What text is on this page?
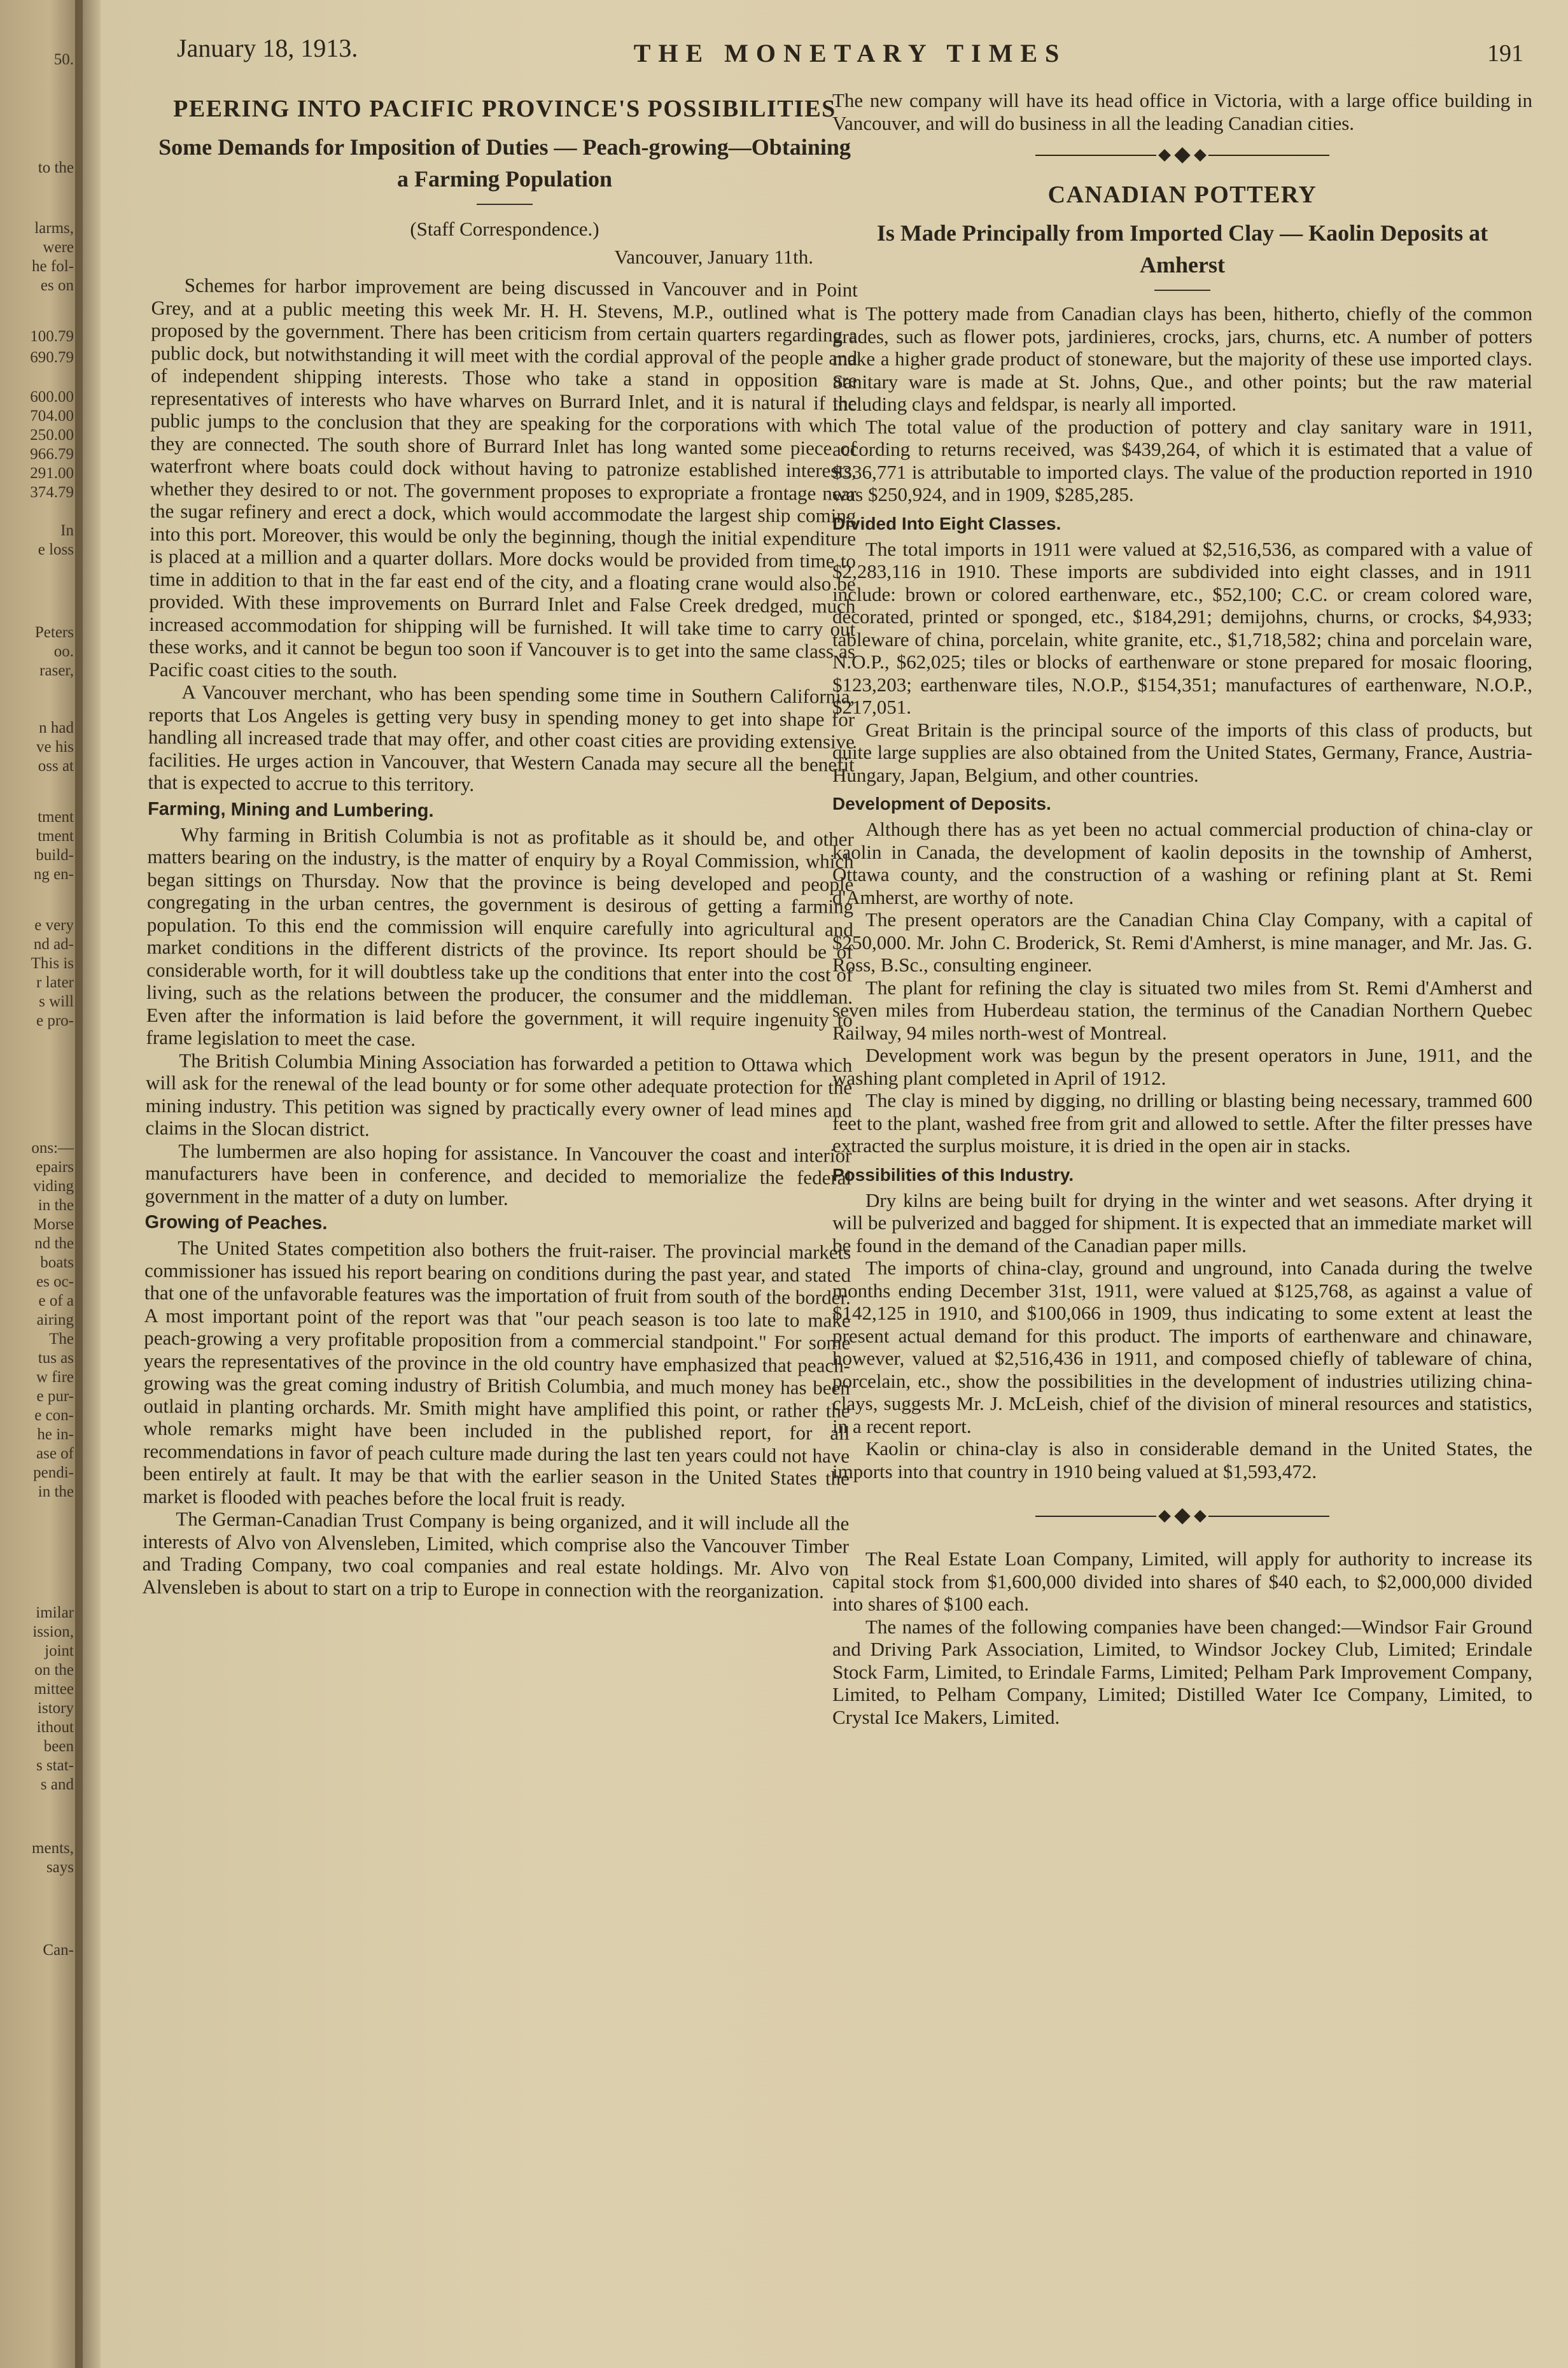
50.
to the
larms,
were
he fol-
es on
100.79
690.79
600.00
704.00
250.00
966.79
291.00
374.79
In
e loss
Peters
oo.
raser,
n had
ve his
oss at
tment
tment
build-
ng en-
e very
nd ad-
This is
r later
s will
e pro-
ons:—
epairs
viding
in the
Morse
nd the
boats
es oc-
e of a
airing
The
tus as
w fire
e pur-
e con-
he in-
ase of
pendi-
in the
imilar
ission,
joint
on the
mittee
istory
ithout
been
s stat-
s and
ments,
says
Can-
January 18, 1913.	THE MONETARY TIMES	191
PEERING INTO PACIFIC PROVINCE'S POSSIBILITIES
Some Demands for Imposition of Duties — Peach-growing—Obtaining a Farming Population
(Staff Correspondence.)
Vancouver, January 11th.

Schemes for harbor improvement are being discussed in Vancouver and in Point Grey, and at a public meeting this week Mr. H. H. Stevens, M.P., outlined what is proposed by the government. There has been criticism from certain quarters regarding a public dock, but notwithstanding it will meet with the cordial approval of the people and of independent shipping interests. Those who take a stand in opposition are representatives of interests who have wharves on Burrard Inlet, and it is natural if the public jumps to the conclusion that they are speaking for the corporations with which they are connected. The south shore of Burrard Inlet has long wanted some piece of waterfront where boats could dock without having to patronize established interests, whether they desired to or not. The government proposes to expropriate a frontage near the sugar refinery and erect a dock, which would accommodate the largest ship coming into this port. Moreover, this would be only the beginning, though the initial expenditure is placed at a million and a quarter dollars. More docks would be provided from time to time in addition to that in the far east end of the city, and a floating crane would also be provided. With these improvements on Burrard Inlet and False Creek dredged, much increased accommodation for shipping will be furnished. It will take time to carry out these works, and it cannot be begun too soon if Vancouver is to get into the same class as Pacific coast cities to the south.

A Vancouver merchant, who has been spending some time in Southern California, reports that Los Angeles is getting very busy in spending money to get into shape for handling all increased trade that may offer, and other coast cities are providing extensive facilities. He urges action in Vancouver, that Western Canada may secure all the benefit that is expected to accrue to this territory.

Farming, Mining and Lumbering.

Why farming in British Columbia is not as profitable as it should be, and other matters bearing on the industry, is the matter of enquiry by a Royal Commission, which began sittings on Thursday. Now that the province is being developed and people congregating in the urban centres, the government is desirous of getting a farming population. To this end the commission will enquire carefully into agricultural and market conditions in the different districts of the province. Its report should be of considerable worth, for it will doubtless take up the conditions that enter into the cost of living, such as the relations between the producer, the consumer and the middleman. Even after the information is laid before the government, it will require ingenuity to frame legislation to meet the case.

The British Columbia Mining Association has forwarded a petition to Ottawa which will ask for the renewal of the lead bounty or for some other adequate protection for the mining industry. This petition was signed by practically every owner of lead mines and claims in the Slocan district.

The lumbermen are also hoping for assistance. In Vancouver the coast and interior manufacturers have been in conference, and decided to memorialize the federal government in the matter of a duty on lumber.

Growing of Peaches.

The United States competition also bothers the fruit-raiser. The provincial markets commissioner has issued his report bearing on conditions during the past year, and stated that one of the unfavorable features was the importation of fruit from south of the border. A most important point of the report was that "our peach season is too late to make peach-growing a very profitable proposition from a commercial standpoint." For some years the representatives of the province in the old country have emphasized that peach-growing was the great coming industry of British Columbia, and much money has been outlaid in planting orchards. Mr. Smith might have amplified this point, or rather the whole remarks might have been included in the published report, for all recommendations in favor of peach culture made during the last ten years could not have been entirely at fault. It may be that with the earlier season in the United States the market is flooded with peaches before the local fruit is ready.

The German-Canadian Trust Company is being organized, and it will include all the interests of Alvo von Alvensleben, Limited, which comprise also the Vancouver Timber and Trading Company, two coal companies and real estate holdings. Mr. Alvo von Alvensleben is about to start on a trip to Europe in connection with the reorganization.

The new company will have its head office in Victoria, with a large office building in Vancouver, and will do business in all the leading Canadian cities.

CANADIAN POTTERY
Is Made Principally from Imported Clay — Kaolin Deposits at Amherst

The pottery made from Canadian clays has been, hitherto, chiefly of the common grades, such as flower pots, jardinieres, crocks, jars, churns, etc. A number of potters make a higher grade product of stoneware, but the majority of these use imported clays. Sanitary ware is made at St. Johns, Que., and other points; but the raw material including clays and feldspar, is nearly all imported.

The total value of the production of pottery and clay sanitary ware in 1911, according to returns received, was $439,264, of which it is estimated that a value of $336,771 is attributable to imported clays. The value of the production reported in 1910 was $250,924, and in 1909, $285,285.

Divided Into Eight Classes.

The total imports in 1911 were valued at $2,516,536, as compared with a value of $2,283,116 in 1910. These imports are subdivided into eight classes, and in 1911 include: brown or colored earthenware, etc., $52,100; C.C. or cream colored ware, decorated, printed or sponged, etc., $184,291; demijohns, churns, or crocks, $4,933; tableware of china, porcelain, white granite, etc., $1,718,582; china and porcelain ware, N.O.P., $62,025; tiles or blocks of earthenware or stone prepared for mosaic flooring, $123,203; earthenware tiles, N.O.P., $154,351; manufactures of earthenware, N.O.P., $217,051.

Great Britain is the principal source of the imports of this class of products, but quite large supplies are also obtained from the United States, Germany, France, Austria-Hungary, Japan, Belgium, and other countries.

Development of Deposits.

Although there has as yet been no actual commercial production of china-clay or kaolin in Canada, the development of kaolin deposits in the township of Amherst, Ottawa county, and the construction of a washing or refining plant at St. Remi d'Amherst, are worthy of note.

The present operators are the Canadian China Clay Company, with a capital of $250,000. Mr. John C. Broderick, St. Remi d'Amherst, is mine manager, and Mr. Jas. G. Ross, B.Sc., consulting engineer.

The plant for refining the clay is situated two miles from St. Remi d'Amherst and seven miles from Huberdeau station, the terminus of the Canadian Northern Quebec Railway, 94 miles north-west of Montreal.

Development work was begun by the present operators in June, 1911, and the washing plant completed in April of 1912.

The clay is mined by digging, no drilling or blasting being necessary, trammed 600 feet to the plant, washed free from grit and allowed to settle. After the filter presses have extracted the surplus moisture, it is dried in the open air in stacks.

Possibilities of this Industry.

Dry kilns are being built for drying in the winter and wet seasons. After drying it will be pulverized and bagged for shipment. It is expected that an immediate market will be found in the demand of the Canadian paper mills.

The imports of china-clay, ground and unground, into Canada during the twelve months ending December 31st, 1911, were valued at $125,768, as against a value of $142,125 in 1910, and $100,066 in 1909, thus indicating to some extent at least the present actual demand for this product. The imports of earthenware and chinaware, however, valued at $2,516,436 in 1911, and composed chiefly of tableware of china, porcelain, etc., show the possibilities in the development of industries utilizing china-clays, suggests Mr. J. McLeish, chief of the division of mineral resources and statistics, in a recent report.

Kaolin or china-clay is also in considerable demand in the United States, the imports into that country in 1910 being valued at $1,593,472.

The Real Estate Loan Company, Limited, will apply for authority to increase its capital stock from $1,600,000 divided into shares of $40 each, to $2,000,000 divided into shares of $100 each.

The names of the following companies have been changed:—Windsor Fair Ground and Driving Park Association, Limited, to Windsor Jockey Club, Limited; Erindale Stock Farm, Limited, to Erindale Farms, Limited; Pelham Park Improvement Company, Limited, to Pelham Company, Limited; Distilled Water Ice Company, Limited, to Crystal Ice Makers, Limited.
